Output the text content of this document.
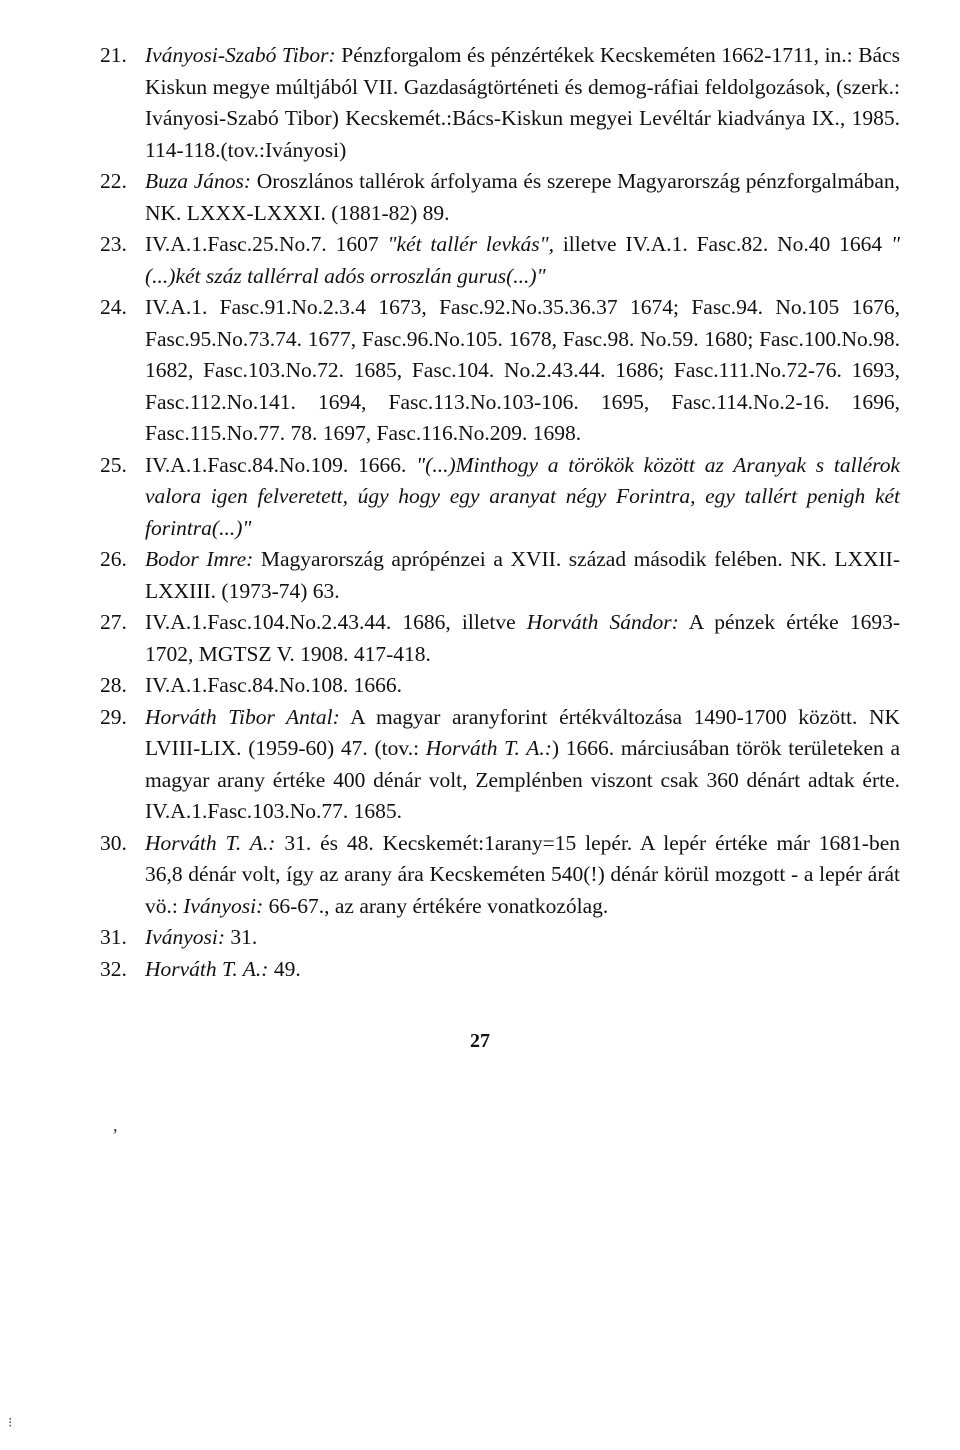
21. Iványosi-Szabó Tibor: Pénzforgalom és pénzértékek Kecskeméten 1662-1711, in.: Bács Kiskun megye múltjából VII. Gazdaságtörténeti és demog-ráfiai feldolgozások, (szerk.: Iványosi-Szabó Tibor) Kecskemét.:Bács-Kiskun megyei Levéltár kiadványa IX., 1985. 114-118.(tov.:Iványosi)
22. Buza János: Oroszlános tallérok árfolyama és szerepe Magyarország pénzforgalmában, NK. LXXX-LXXXI. (1881-82) 89.
23. IV.A.1.Fasc.25.No.7. 1607 "két tallér levkás", illetve IV.A.1. Fasc.82. No.40 1664 "(...)két száz tallérral adós orroszlán gurus(...)"
24. IV.A.1. Fasc.91.No.2.3.4 1673, Fasc.92.No.35.36.37 1674; Fasc.94. No.105 1676, Fasc.95.No.73.74. 1677, Fasc.96.No.105. 1678, Fasc.98. No.59. 1680; Fasc.100.No.98. 1682, Fasc.103.No.72. 1685, Fasc.104. No.2.43.44. 1686; Fasc.111.No.72-76. 1693, Fasc.112.No.141. 1694, Fasc.113.No.103-106. 1695, Fasc.114.No.2-16. 1696, Fasc.115.No.77. 78. 1697, Fasc.116.No.209. 1698.
25. IV.A.1.Fasc.84.No.109. 1666. "(...)Minthogy a törökök között az Aranyak s tallérok valora igen felveretett, úgy hogy egy aranyat négy Forintra, egy tallért penigh két forintra(...)"
26. Bodor Imre: Magyarország aprópénzei a XVII. század második felében. NK. LXXII-LXXIII. (1973-74) 63.
27. IV.A.1.Fasc.104.No.2.43.44. 1686, illetve Horváth Sándor: A pénzek értéke 1693-1702, MGTSZ V. 1908. 417-418.
28. IV.A.1.Fasc.84.No.108. 1666.
29. Horváth Tibor Antal: A magyar aranyforint értékváltozása 1490-1700 között. NK LVIII-LIX. (1959-60) 47. (tov.: Horváth T. A.:) 1666. márciusában török területeken a magyar arany értéke 400 dénár volt, Zemplénben viszont csak 360 dénárt adtak érte. IV.A.1.Fasc.103.No.77. 1685.
30. Horváth T. A.: 31. és 48. Kecskemét:1arany=15 lepér. A lepér értéke már 1681-ben 36,8 dénár volt, így az arany ára Kecskeméten 540(!) dénár körül mozgott - a lepér árát vö.: Iványosi: 66-67., az arany értékére vonatkozólag.
31. Iványosi: 31.
32. Horváth T. A.: 49.
27
,
⁝
